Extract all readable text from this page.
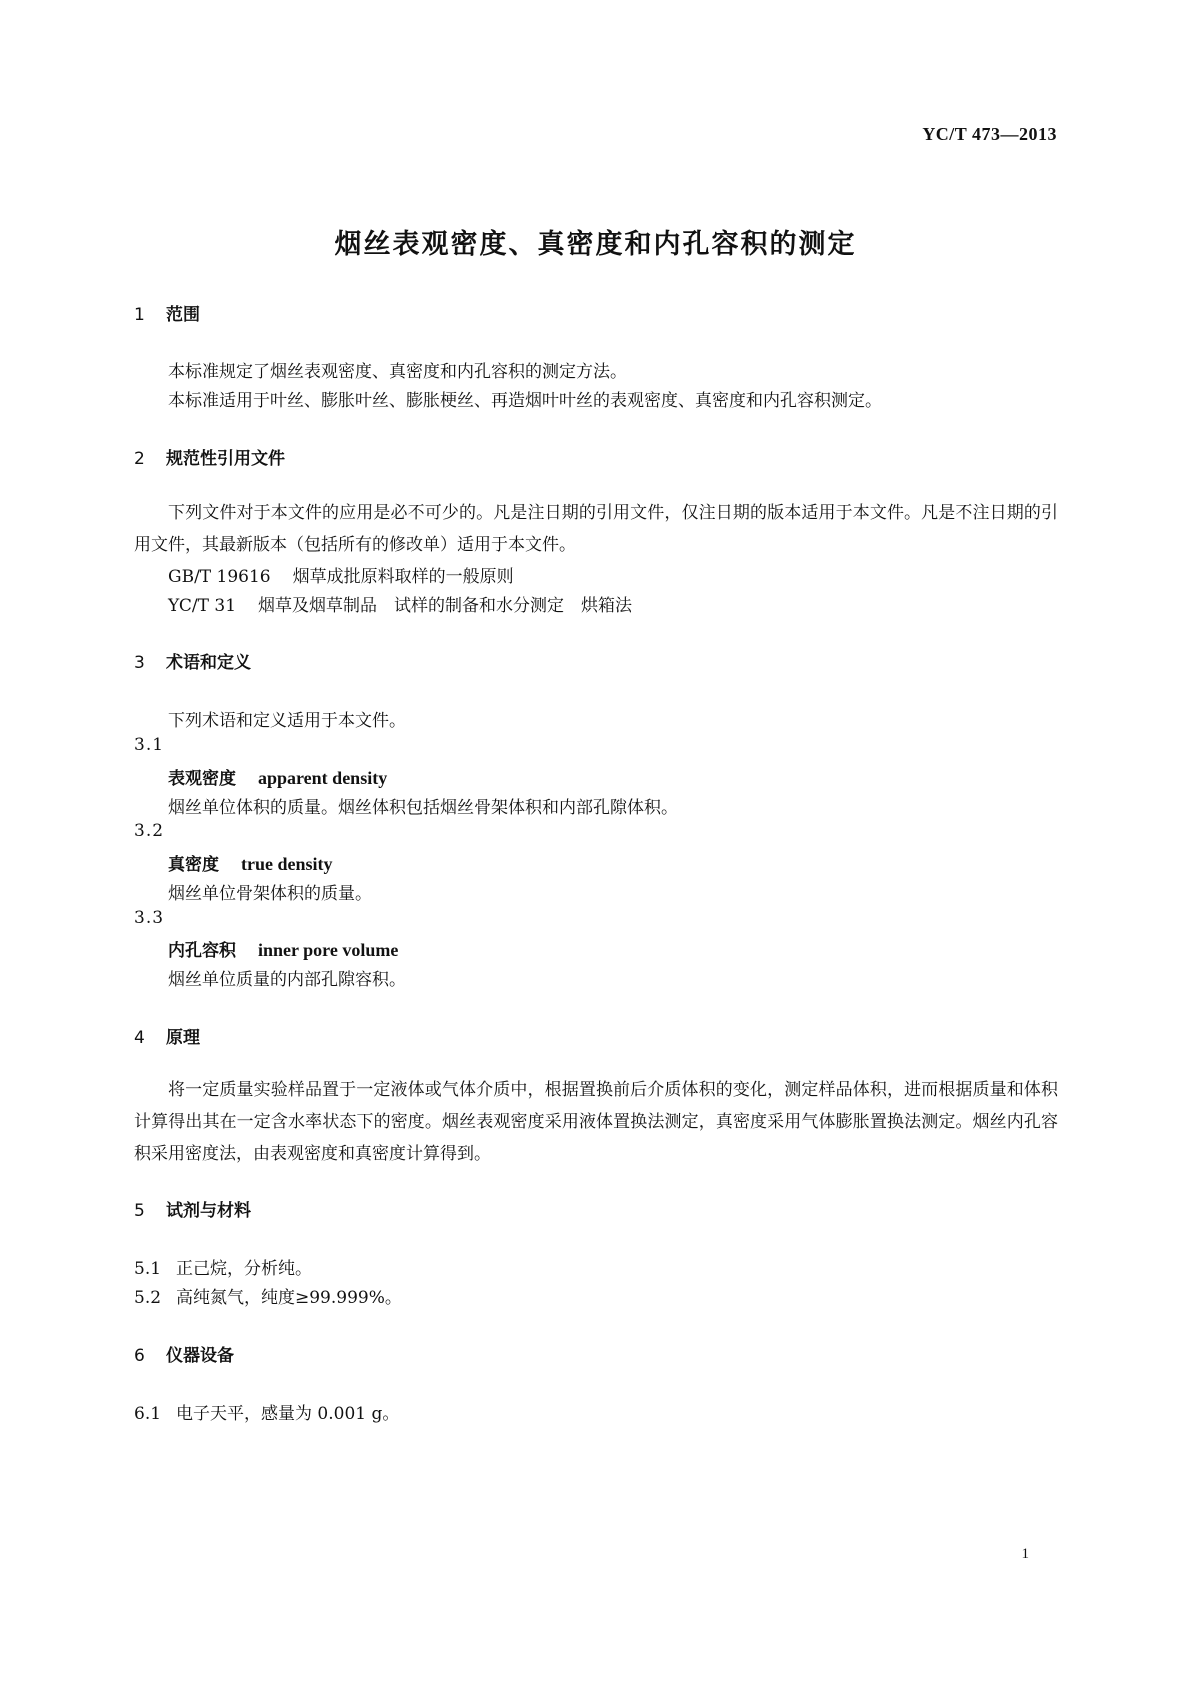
YC/T 473—2013
烟丝表观密度、真密度和内孔容积的测定
1 范围
本标准规定了烟丝表观密度、真密度和内孔容积的测定方法。
本标准适用于叶丝、膨胀叶丝、膨胀梗丝、再造烟叶叶丝的表观密度、真密度和内孔容积测定。
2 规范性引用文件
下列文件对于本文件的应用是必不可少的。凡是注日期的引用文件，仅注日期的版本适用于本文件。凡是不注日期的引用文件，其最新版本（包括所有的修改单）适用于本文件。
GB/T 19616 烟草成批原料取样的一般原则
YC/T 31 烟草及烟草制品　试样的制备和水分测定　烘箱法
3 术语和定义
下列术语和定义适用于本文件。
3.1
表观密度 apparent density
烟丝单位体积的质量。烟丝体积包括烟丝骨架体积和内部孔隙体积。
3.2
真密度 true density
烟丝单位骨架体积的质量。
3.3
内孔容积 inner pore volume
烟丝单位质量的内部孔隙容积。
4 原理
将一定质量实验样品置于一定液体或气体介质中，根据置换前后介质体积的变化，测定样品体积，进而根据质量和体积计算得出其在一定含水率状态下的密度。烟丝表观密度采用液体置换法测定，真密度采用气体膨胀置换法测定。烟丝内孔容积采用密度法，由表观密度和真密度计算得到。
5 试剂与材料
5.1 正己烷，分析纯。
5.2 高纯氮气，纯度≥99.999%。
6 仪器设备
6.1 电子天平，感量为 0.001 g。
1
